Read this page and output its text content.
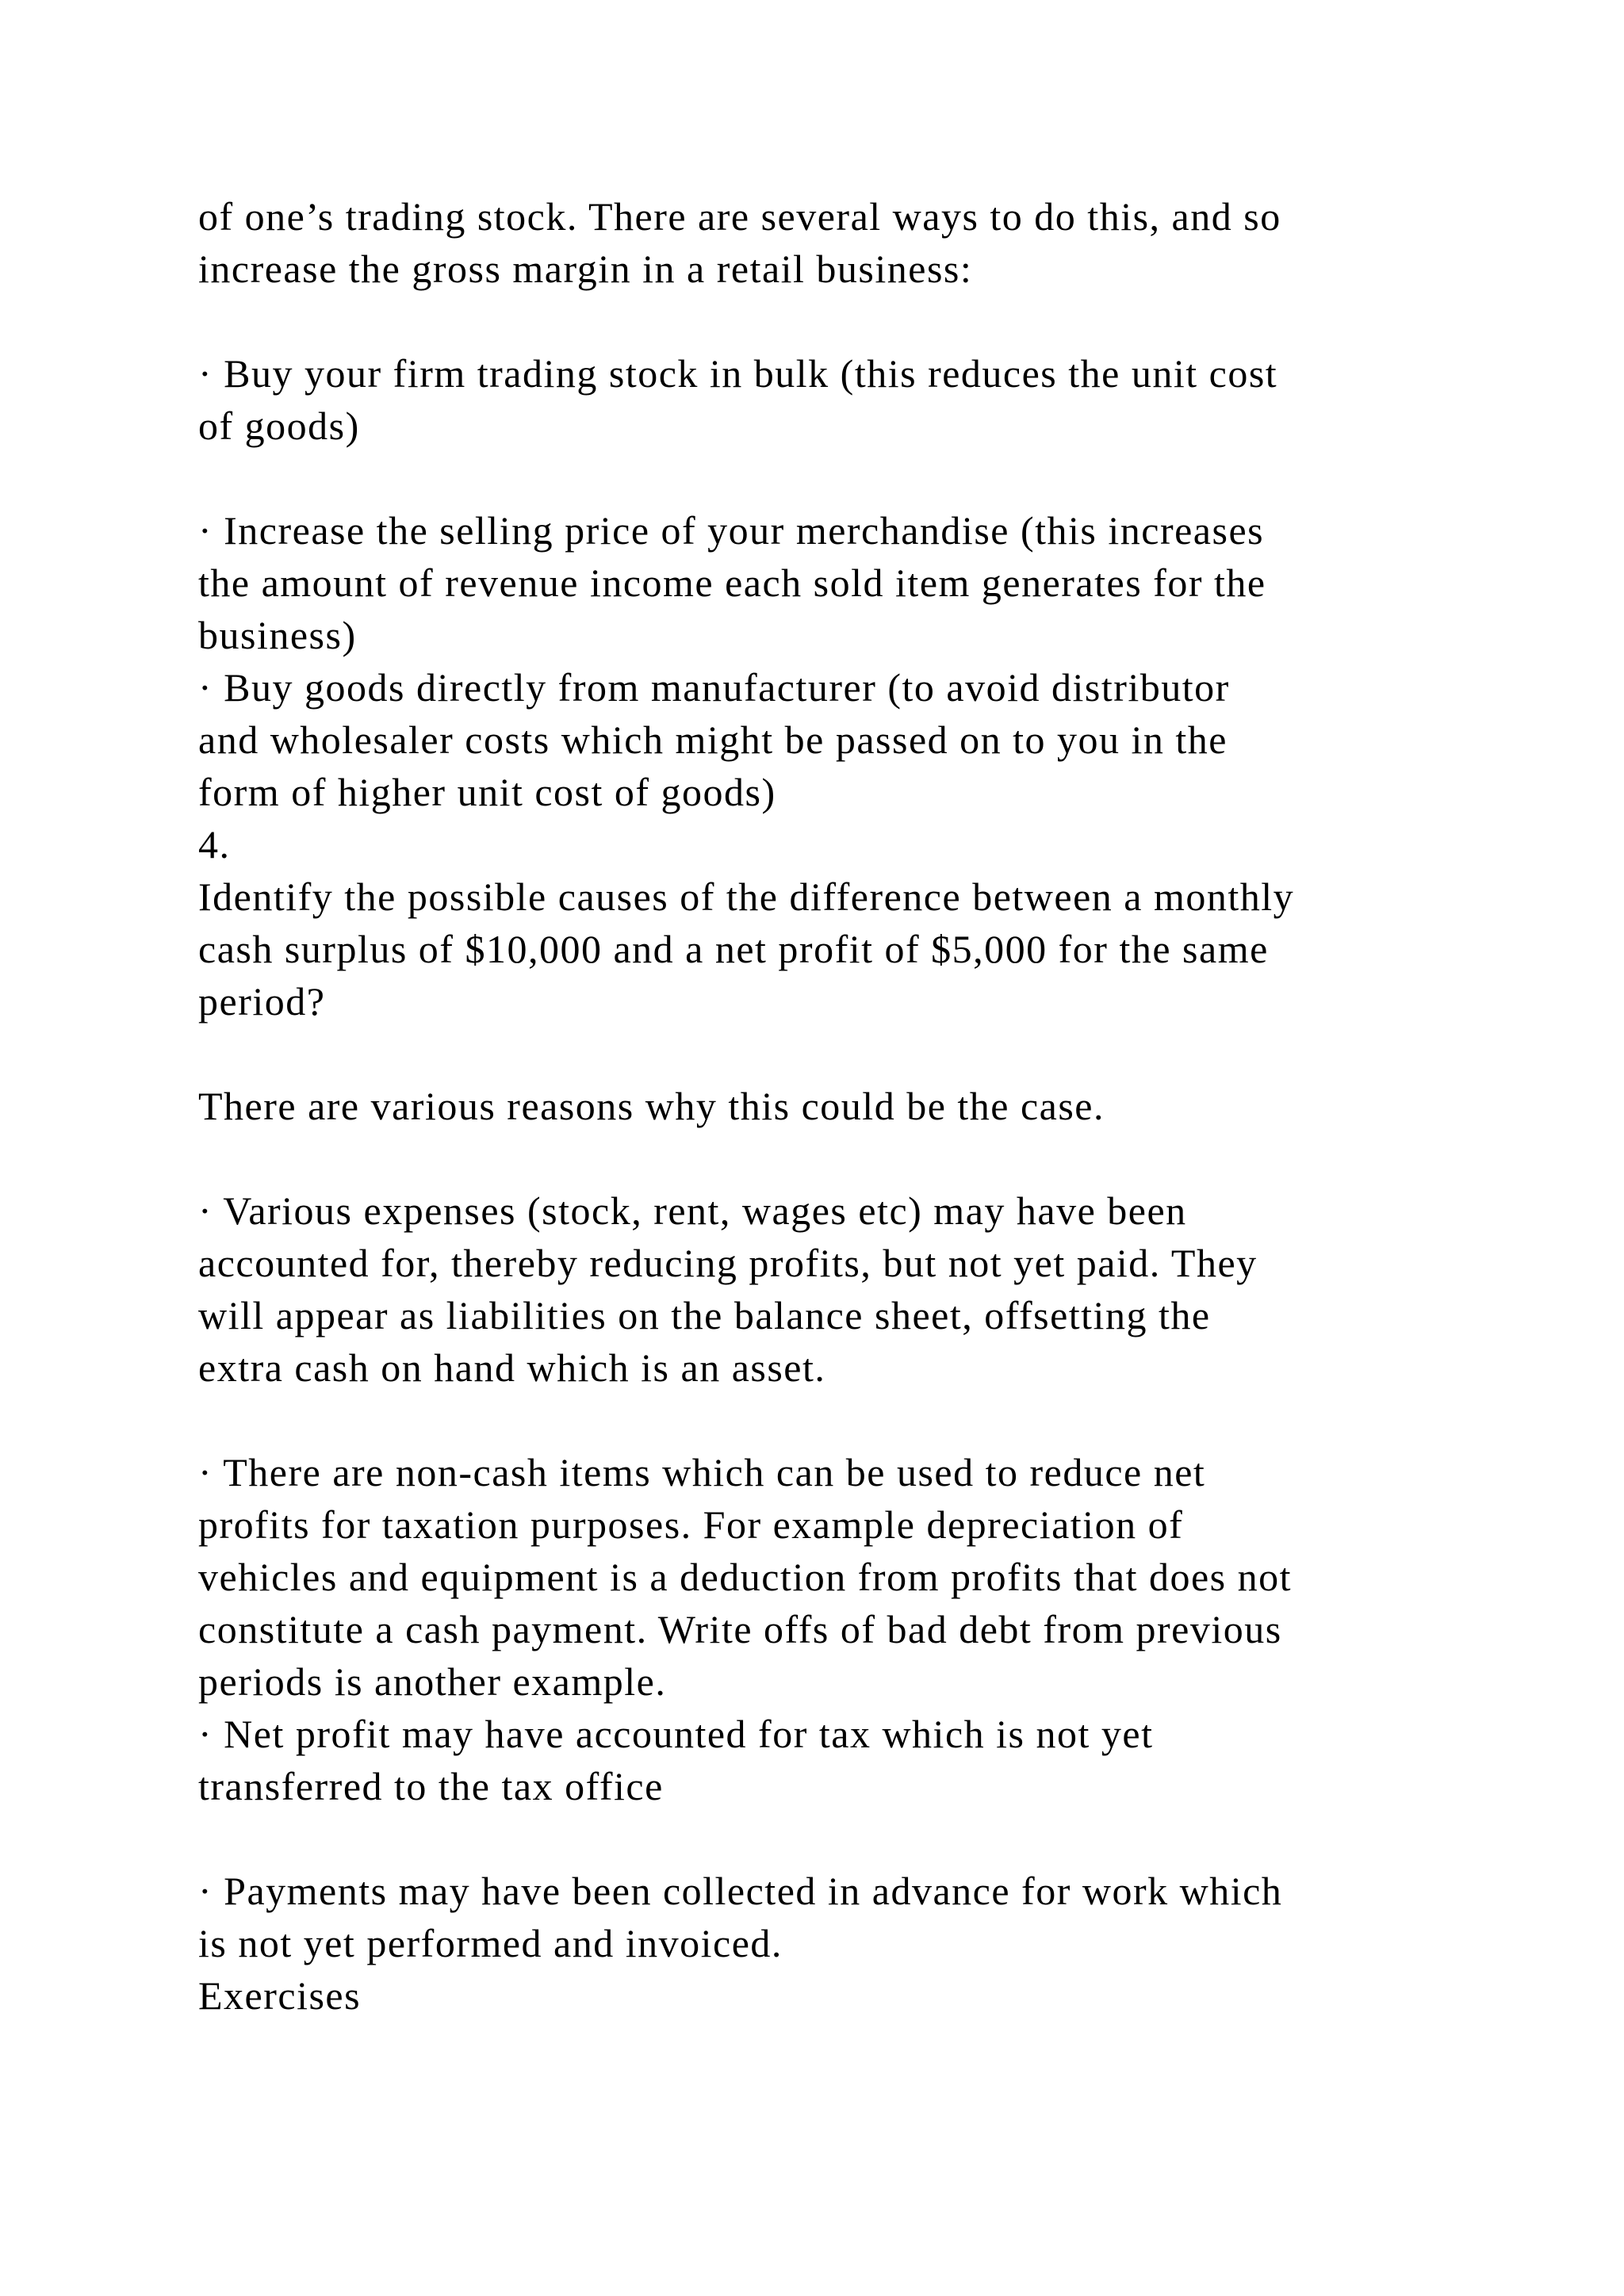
of one’s trading stock. There are several ways to do this, and so
increase the gross margin in a retail business:
· Buy your firm trading stock in bulk (this reduces the unit cost
of goods)
· Increase the selling price of your merchandise (this increases
the amount of revenue income each sold item generates for the
business)
· Buy goods directly from manufacturer (to avoid distributor
and wholesaler costs which might be passed on to you in the
form of higher unit cost of goods)
4.
Identify the possible causes of the difference between a monthly
cash surplus of $10,000 and a net profit of $5,000 for the same
period?
There are various reasons why this could be the case.
· Various expenses (stock, rent, wages etc) may have been
accounted for, thereby reducing profits, but not yet paid. They
will appear as liabilities on the balance sheet, offsetting the
extra cash on hand which is an asset.
· There are non-cash items which can be used to reduce net
profits for taxation purposes. For example depreciation of
vehicles and equipment is a deduction from profits that does not
constitute a cash payment. Write offs of bad debt from previous
periods is another example.
· Net profit may have accounted for tax which is not yet
transferred to the tax office
· Payments may have been collected in advance for work which
is not yet performed and invoiced.
Exercises
